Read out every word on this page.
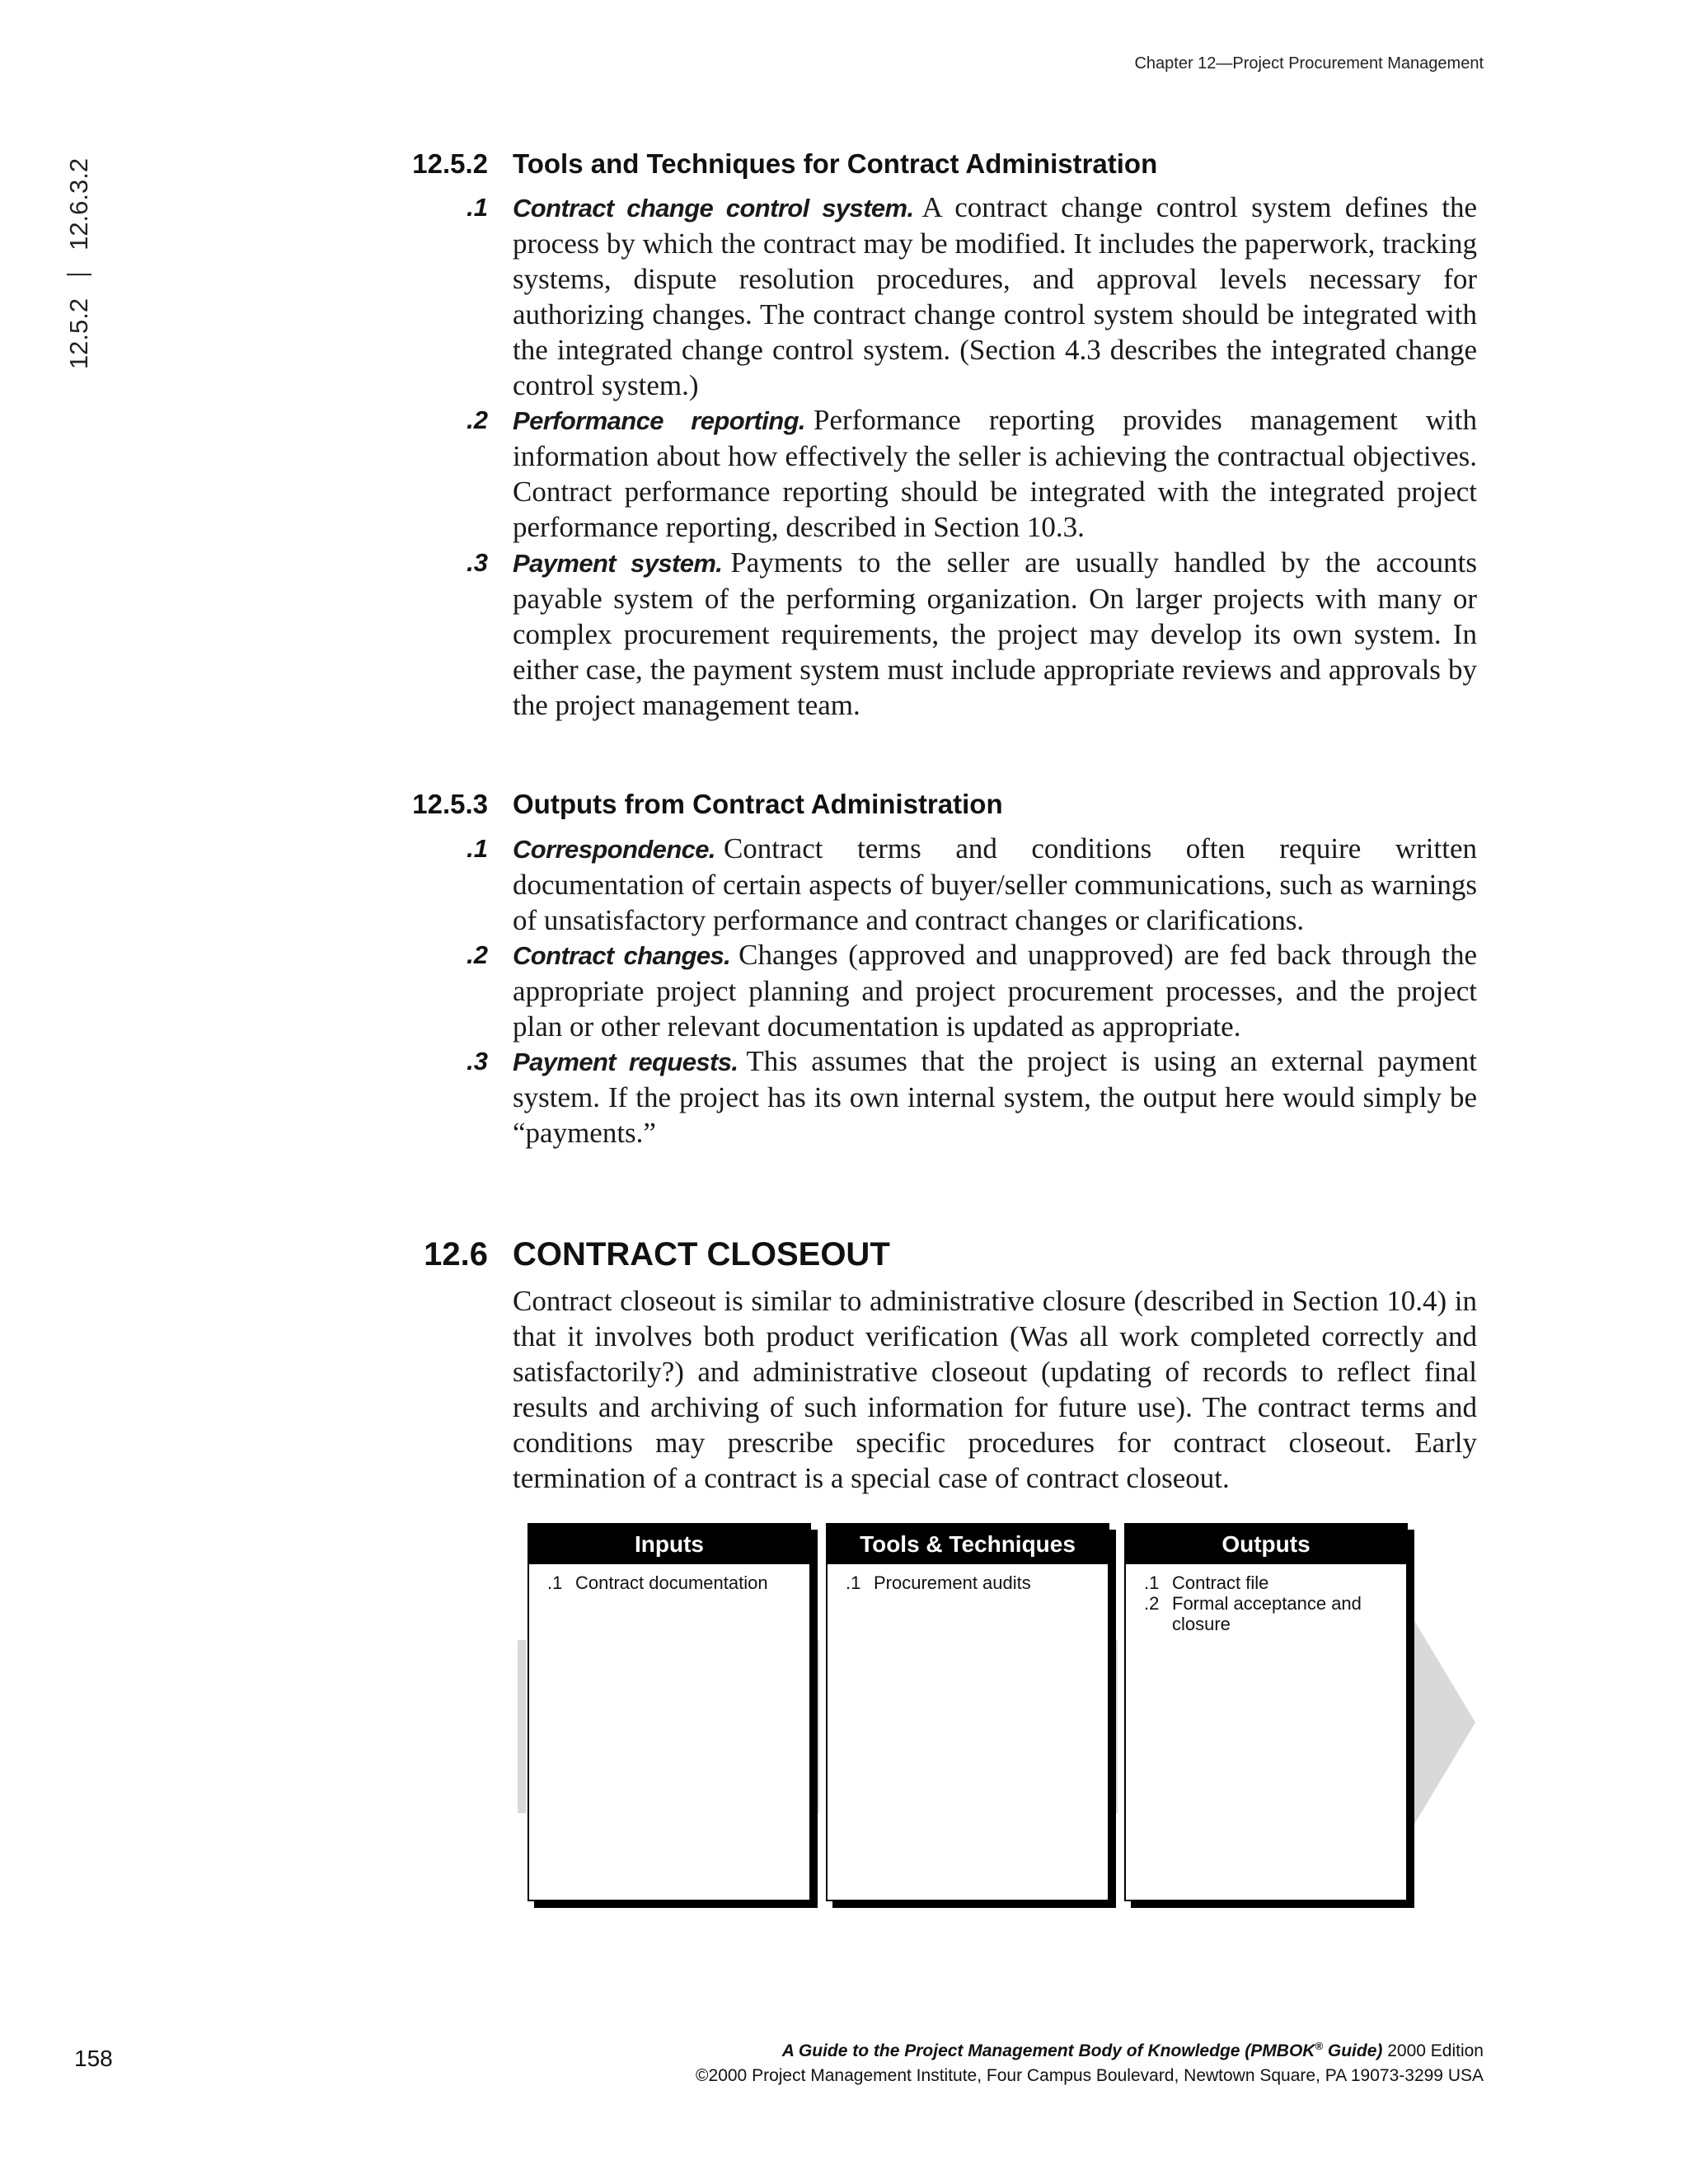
Chapter 12—Project Procurement Management
12.5.2
12.6.3.2	12.5.2 Tools and Techniques for Contract Administration
.1 Contract change control system. A contract change control system defines the process by which the contract may be modified. It includes the paperwork, tracking systems, dispute resolution procedures, and approval levels necessary for authorizing changes. The contract change control system should be integrated with the integrated change control system. (Section 4.3 describes the integrated change control system.)
.2 Performance reporting. Performance reporting provides management with information about how effectively the seller is achieving the contractual objectives. Contract performance reporting should be integrated with the integrated project performance reporting, described in Section 10.3.
.3 Payment system. Payments to the seller are usually handled by the accounts payable system of the performing organization. On larger projects with many or complex procurement requirements, the project may develop its own system. In either case, the payment system must include appropriate reviews and approvals by the project management team.
12.5.3 Outputs from Contract Administration
.1 Correspondence. Contract terms and conditions often require written documentation of certain aspects of buyer/seller communications, such as warnings of unsatisfactory performance and contract changes or clarifications.
.2 Contract changes. Changes (approved and unapproved) are fed back through the appropriate project planning and project procurement processes, and the project plan or other relevant documentation is updated as appropriate.
.3 Payment requests. This assumes that the project is using an external payment system. If the project has its own internal system, the output here would simply be “payments.”
12.6 CONTRACT CLOSEOUT
Contract closeout is similar to administrative closure (described in Section 10.4) in that it involves both product verification (Was all work completed correctly and satisfactorily?) and administrative closeout (updating of records to reflect final results and archiving of such information for future use). The contract terms and conditions may prescribe specific procedures for contract closeout. Early termination of a contract is a special case of contract closeout.
Inputs
.1 Contract documentation
Tools & Techniques
.1 Procurement audits
Outputs
.1 Contract file
.2 Formal acceptance and closure
158	A Guide to the Project Management Body of Knowledge (PMBOK® Guide) 2000 Edition
©2000 Project Management Institute, Four Campus Boulevard, Newtown Square, PA 19073-3299 USA
